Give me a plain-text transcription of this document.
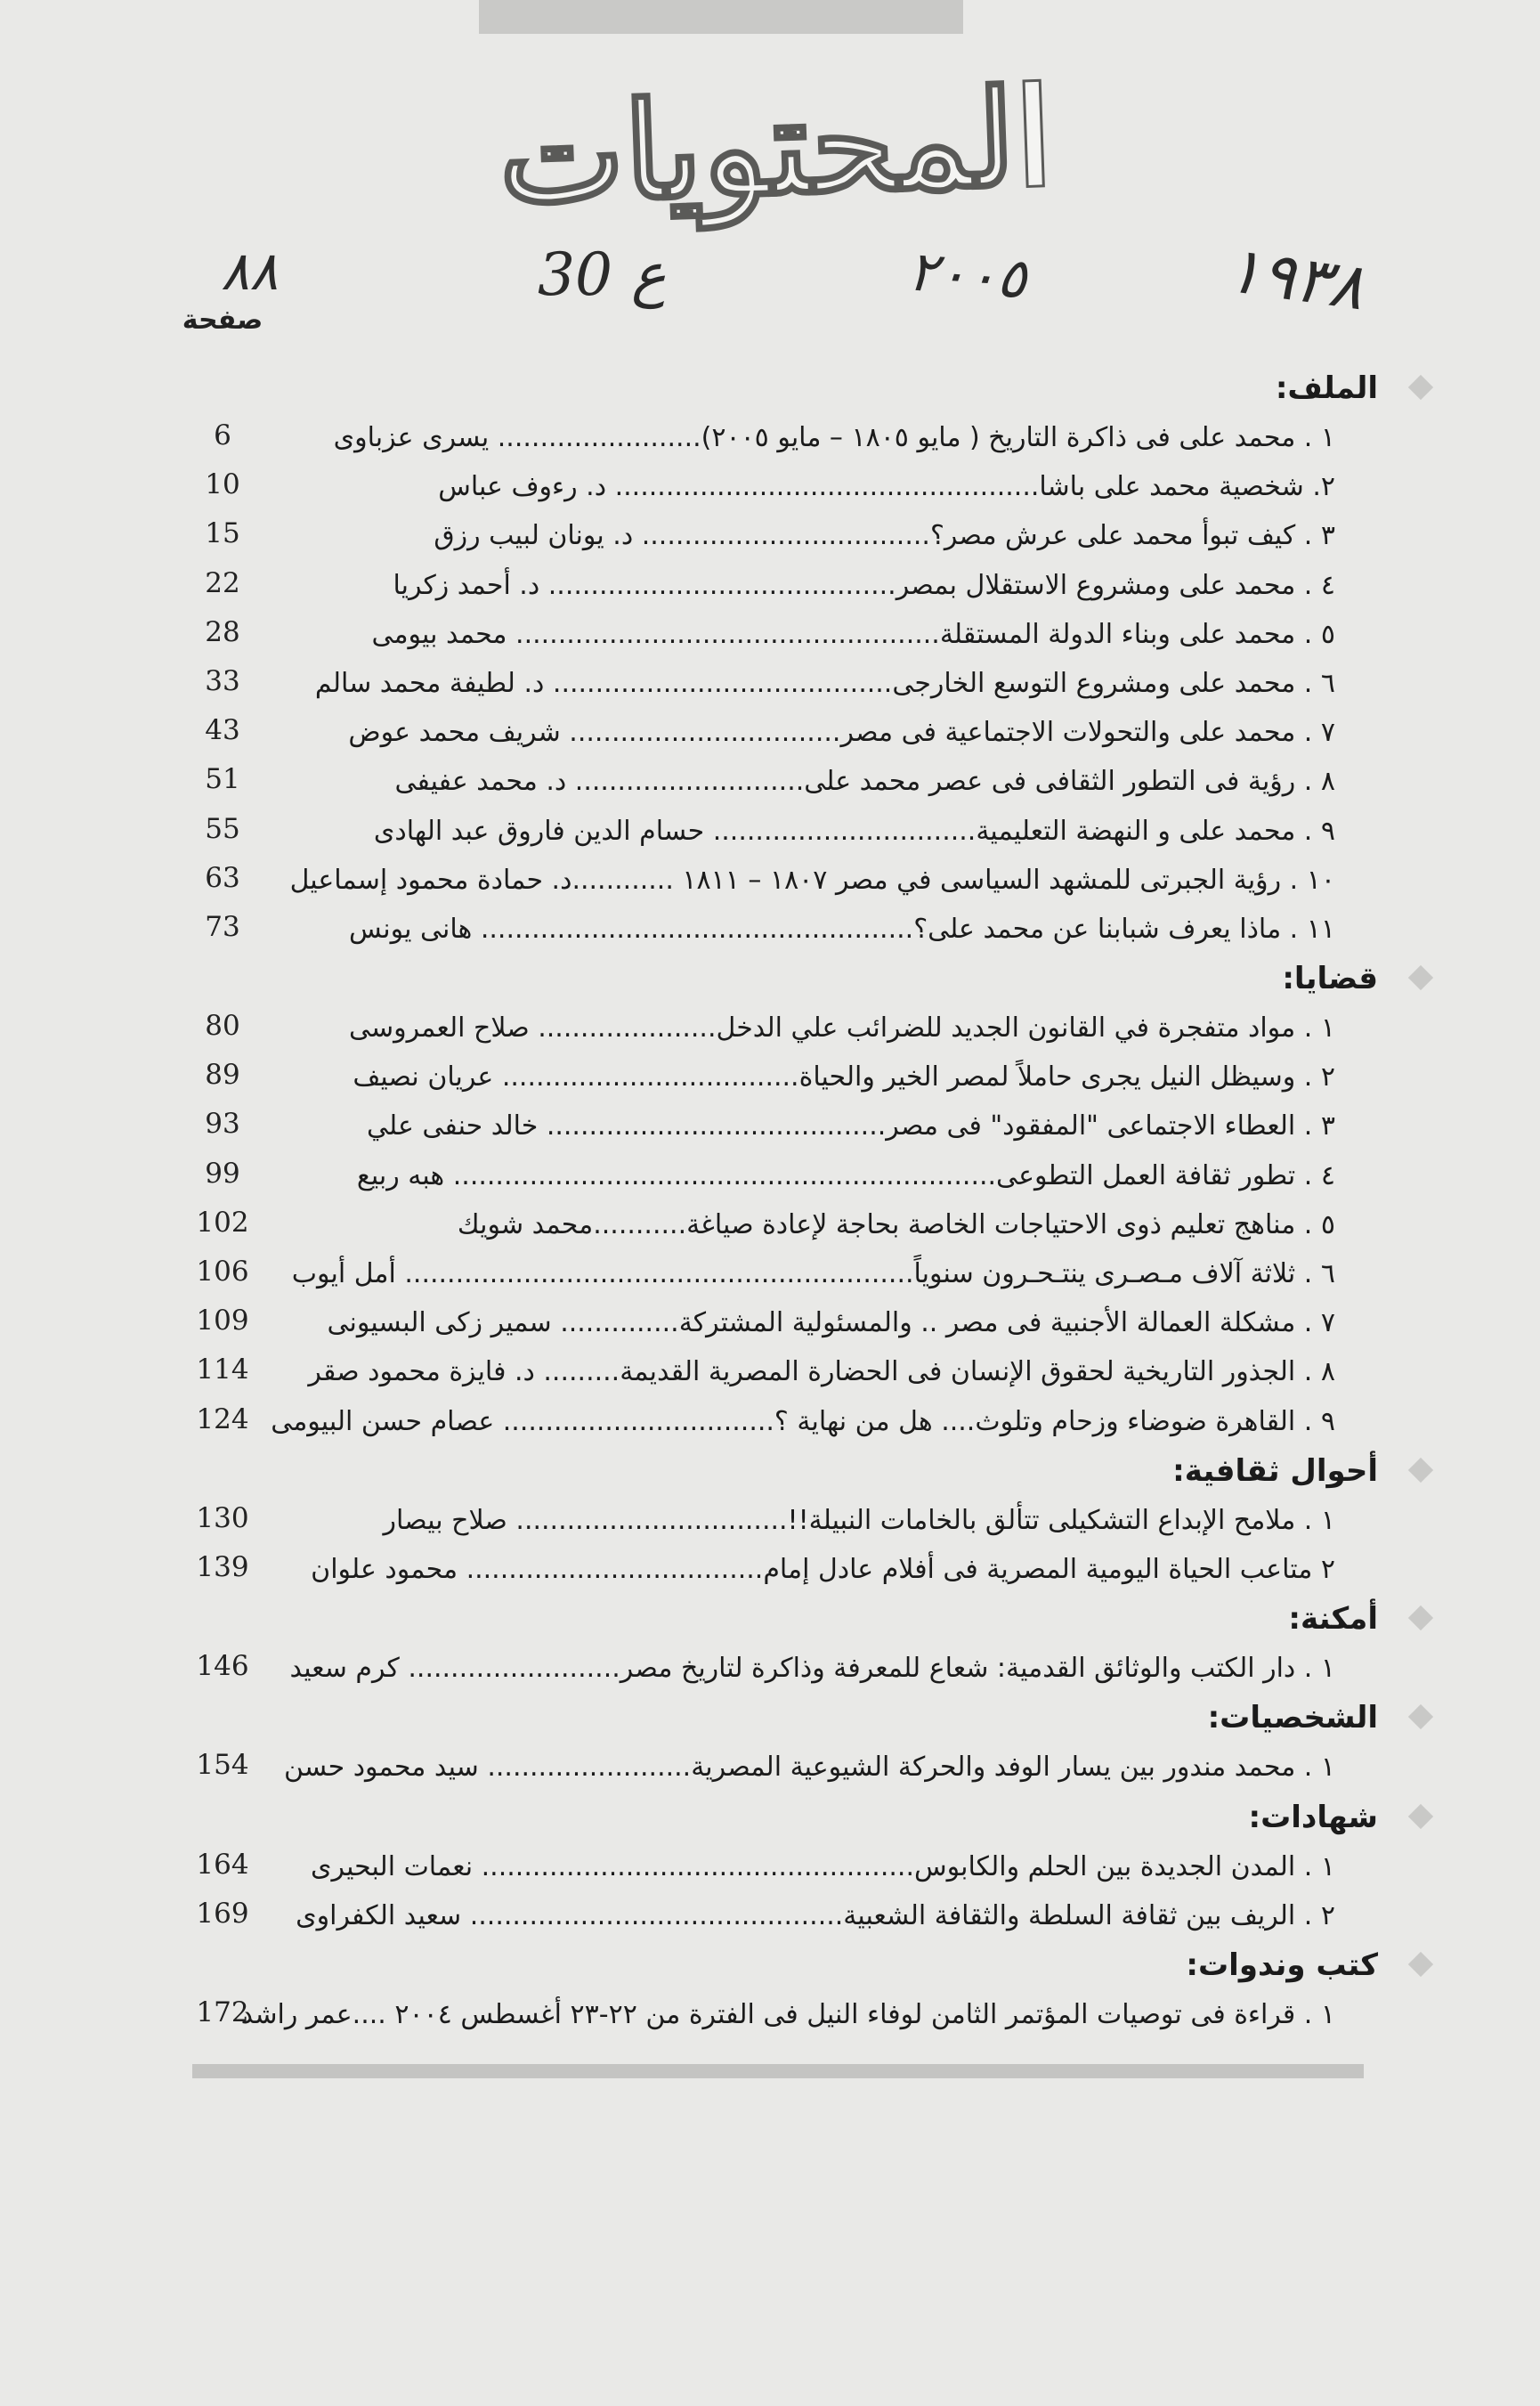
المحتويات
١٩٣٨
٢٠٠٥
ع 30
٨٨
صفحة
الملف:
١ . محمد على فى ذاكرة التاريخ ( مايو ١٨٠٥ – مايو ٢٠٠٥)........................ يسرى عزباوى
6
٢. شخصية محمد على باشا.................................................. د. رءوف عباس
10
٣ . كيف تبوأ محمد على عرش مصر؟.................................. د. يونان لبيب رزق
15
٤ . محمد على ومشروع الاستقلال بمصر......................................... د. أحمد زكريا
22
٥ . محمد على وبناء الدولة المستقلة.................................................. محمد بيومى
28
٦ . محمد على ومشروع التوسع الخارجى........................................ د. لطيفة محمد سالم
33
٧ . محمد على والتحولات الاجتماعية فى مصر................................ شريف محمد عوض
43
٨ . رؤية فى التطور الثقافى فى عصر محمد على........................... د. محمد عفيفى
51
٩ . محمد على و النهضة التعليمية............................... حسام الدين فاروق عبد الهادى
55
١٠ . رؤية الجبرتى للمشهد السياسى في مصر ١٨٠٧ – ١٨١١ ............د. حمادة محمود إسماعيل
63
١١ . ماذا يعرف شبابنا عن محمد على؟................................................... هانى يونس
73
قضايا:
١ . مواد متفجرة في القانون الجديد للضرائب علي الدخل..................... صلاح العمروسى
80
٢ . وسيظل النيل يجرى حاملاً لمصر الخير والحياة................................... عريان نصيف
89
٣ . العطاء الاجتماعى "المفقود" فى مصر........................................ خالد حنفى علي
93
٤ . تطور ثقافة العمل التطوعى................................................................ هبه ربيع
99
٥ . مناهج تعليم ذوى الاحتياجات الخاصة بحاجة لإعادة صياغة...........محمد شويك
102
٦ . ثلاثة آلاف مـصـرى ينتـحـرون سنوياً............................................................ أمل أيوب
106
٧ . مشكلة العمالة الأجنبية فى مصر .. والمسئولية المشتركة.............. سمير زكى البسيونى
109
٨ . الجذور التاريخية لحقوق الإنسان فى الحضارة المصرية القديمة......... د. فايزة محمود صقر
114
٩ . القاهرة ضوضاء وزحام وتلوث.... هل من نهاية ؟................................ عصام حسن البيومى
124
أحوال ثقافية:
١ . ملامح الإبداع التشكيلى تتألق بالخامات النبيلة!!................................ صلاح بيصار
130
٢ متاعب الحياة اليومية المصرية فى أفلام عادل إمام................................... محمود علوان
139
أمكنة:
١ . دار الكتب والوثائق القدمية: شعاع للمعرفة وذاكرة لتاريخ مصر......................... كرم سعيد
146
الشخصيات:
١ . محمد مندور بين يسار الوفد والحركة الشيوعية المصرية........................ سيد محمود حسن
154
شهادات:
١ . المدن الجديدة بين الحلم والكابوس................................................... نعمات البحيرى
164
٢ . الريف بين ثقافة السلطة والثقافة الشعبية............................................ سعيد الكفراوى
169
كتب وندوات:
١ . قراءة فى توصيات المؤتمر الثامن لوفاء النيل فى الفترة من ٢٢-٢٣ أغسطس ٢٠٠٤ ....عمر راشد
172
